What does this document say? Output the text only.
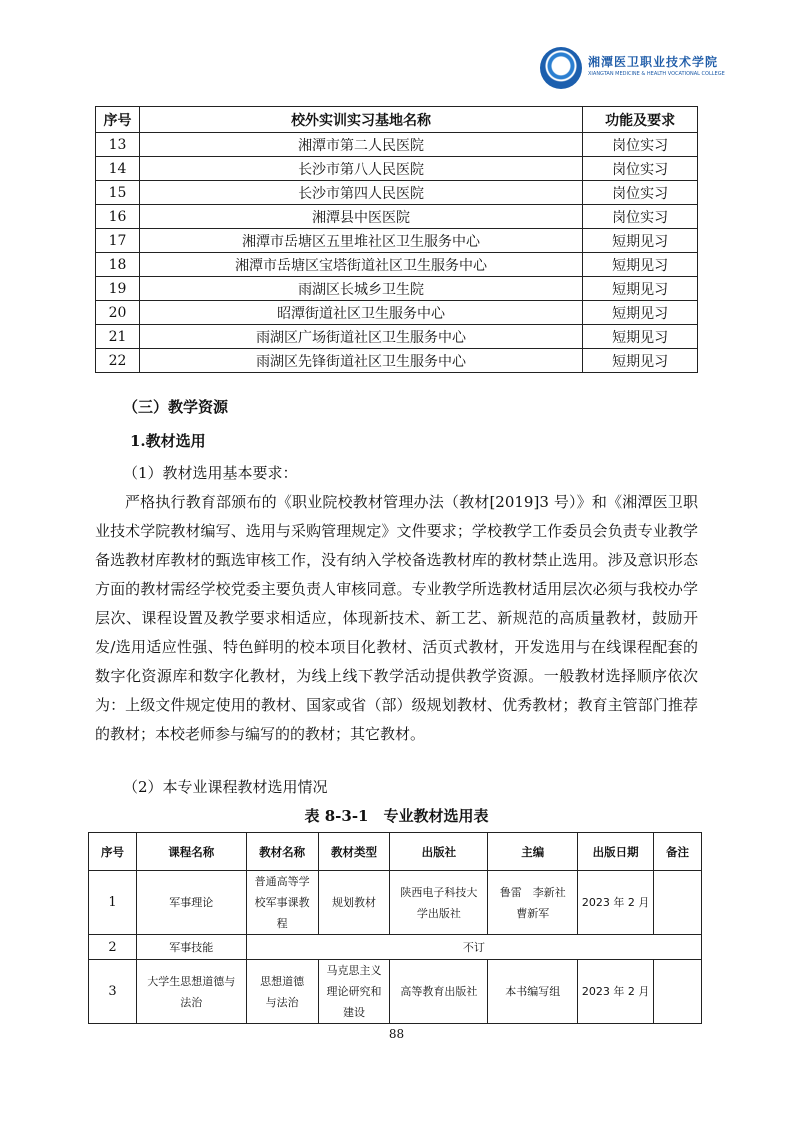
湘潭医卫职业技术学院
XIANGTAN MEDICINE & HEALTH VOCATIONAL COLLEGE
序号	校外实训实习基地名称	功能及要求
13	湘潭市第二人民医院	岗位实习
14	长沙市第八人民医院	岗位实习
15	长沙市第四人民医院	岗位实习
16	湘潭县中医医院	岗位实习
17	湘潭市岳塘区五里堆社区卫生服务中心	短期见习
18	湘潭市岳塘区宝塔街道社区卫生服务中心	短期见习
19	雨湖区长城乡卫生院	短期见习
20	昭潭街道社区卫生服务中心	短期见习
21	雨湖区广场街道社区卫生服务中心	短期见习
22	雨湖区先锋街道社区卫生服务中心	短期见习
（三）教学资源
1.教材选用
（1）教材选用基本要求：
严格执行教育部颁布的《职业院校教材管理办法（教材[2019]3 号）》和《湘潭医卫职业技术学院教材编写、选用与采购管理规定》文件要求；学校教学工作委员会负责专业教学备选教材库教材的甄选审核工作，没有纳入学校备选教材库的教材禁止选用。涉及意识形态方面的教材需经学校党委主要负责人审核同意。专业教学所选教材适用层次必须与我校办学层次、课程设置及教学要求相适应，体现新技术、新工艺、新规范的高质量教材，鼓励开发/选用适应性强、特色鲜明的校本项目化教材、活页式教材，开发选用与在线课程配套的数字化资源库和数字化教材，为线上线下教学活动提供教学资源。一般教材选择顺序依次为：上级文件规定使用的教材、国家或省（部）级规划教材、优秀教材；教育主管部门推荐的教材；本校老师参与编写的的教材；其它教材。
（2）本专业课程教材选用情况
表 8-3-1　专业教材选用表
序号	课程名称	教材名称	教材类型	出版社	主编	出版日期	备注
1	军事理论	普通高等学校军事课教程	规划教材	陕西电子科技大学出版社	鲁雷　李新社 曹新军	2023 年 2 月	
2	军事技能	不订					
3	大学生思想道德与法治	思想道德与法治	马克思主义理论研究和建设	高等教育出版社	本书编写组	2023 年 2 月	
88
